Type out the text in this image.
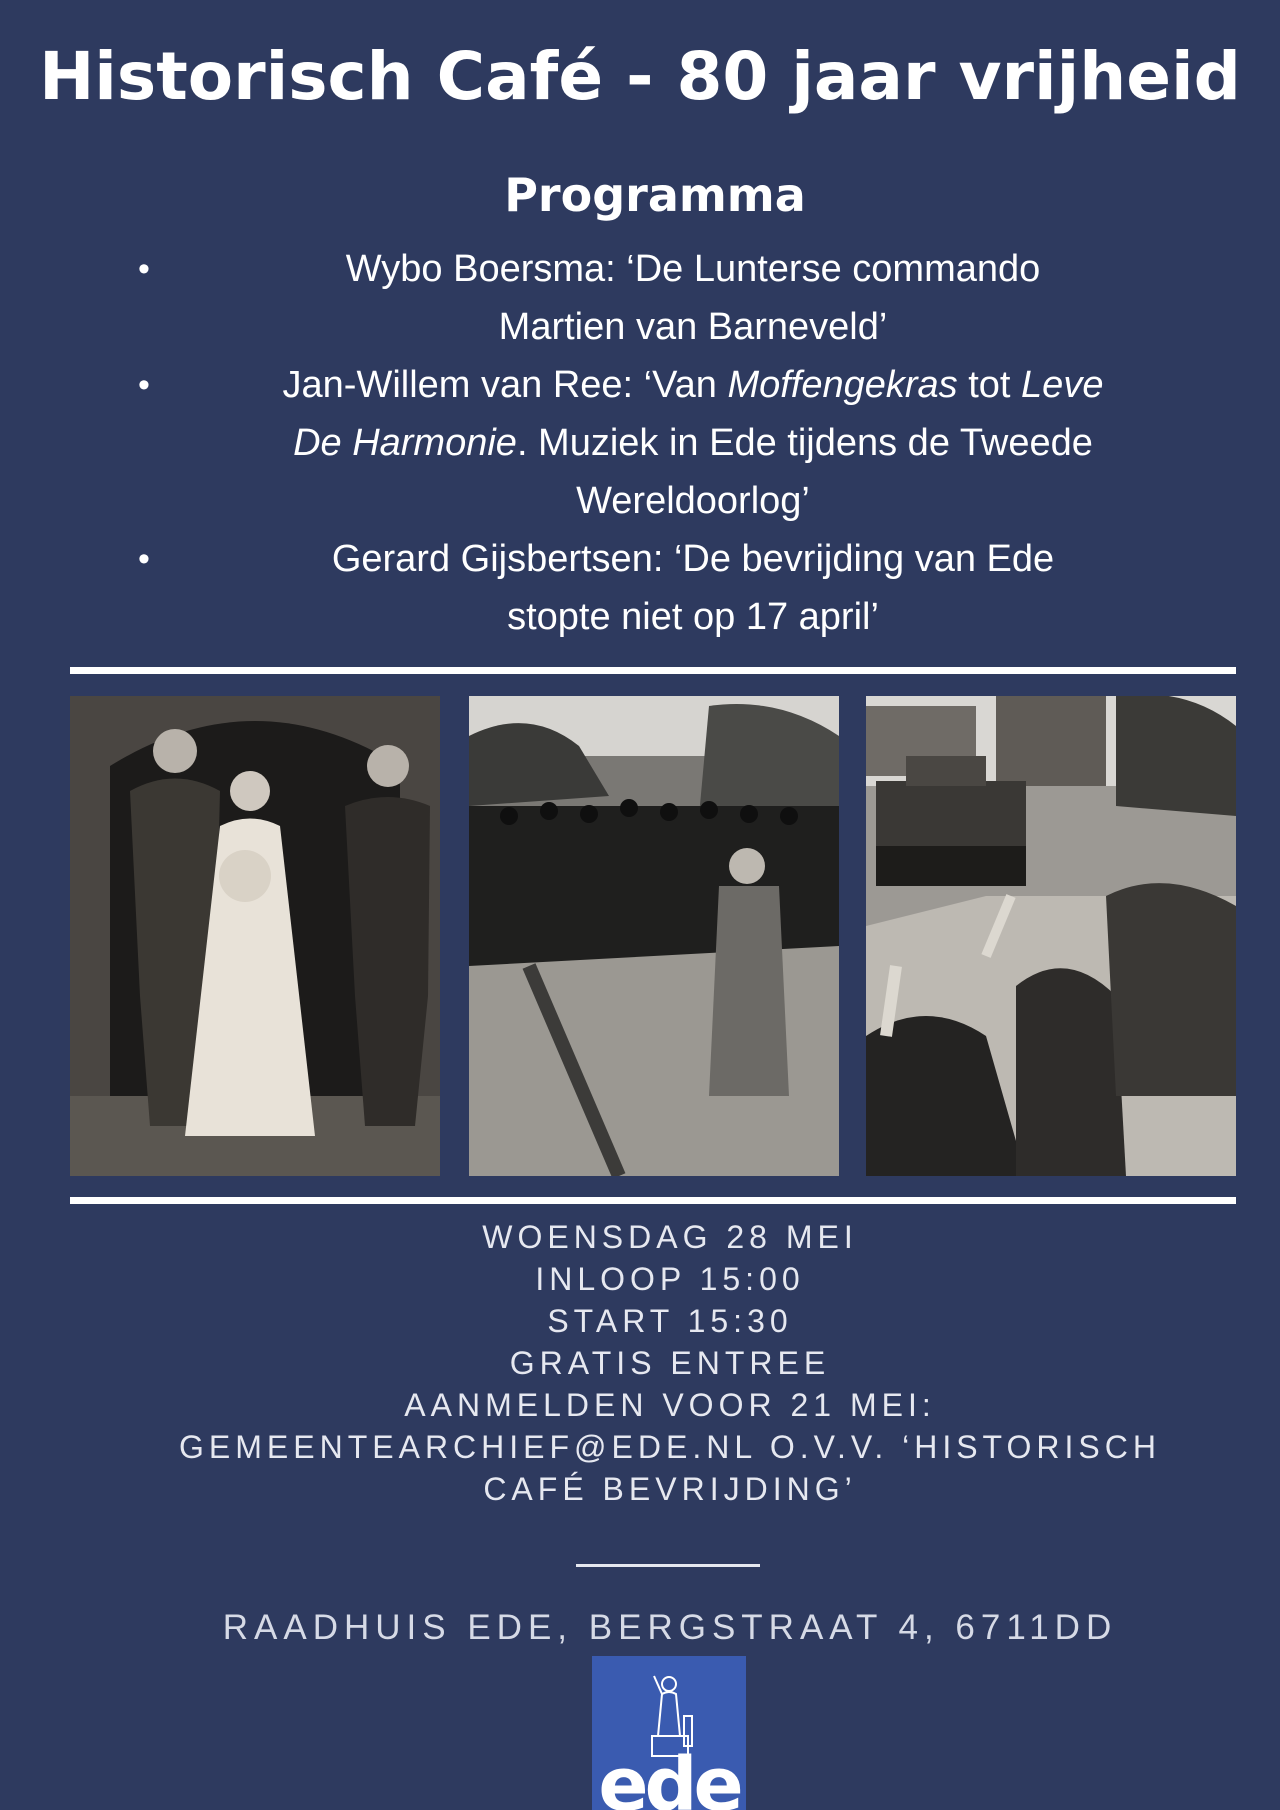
Historisch Café - 80 jaar vrijheid
Programma
•	Wybo Boersma: ‘De Lunterse commando
Martien van Barneveld’
•	Jan-Willem van Ree: ‘Van Moffengekras tot Leve
De Harmonie. Muziek in Ede tijdens de Tweede
Wereldoorlog’
•	Gerard Gijsbertsen: ‘De bevrijding van Ede
stopte niet op 17 april’
WOENSDAG 28 MEI
INLOOP 15:00
START 15:30
GRATIS ENTREE
AANMELDEN VOOR 21 MEI:
GEMEENTEARCHIEF@EDE.NL O.V.V. ‘HISTORISCH
CAFÉ BEVRIJDING’
RAADHUIS EDE, BERGSTRAAT 4, 6711DD
ede
